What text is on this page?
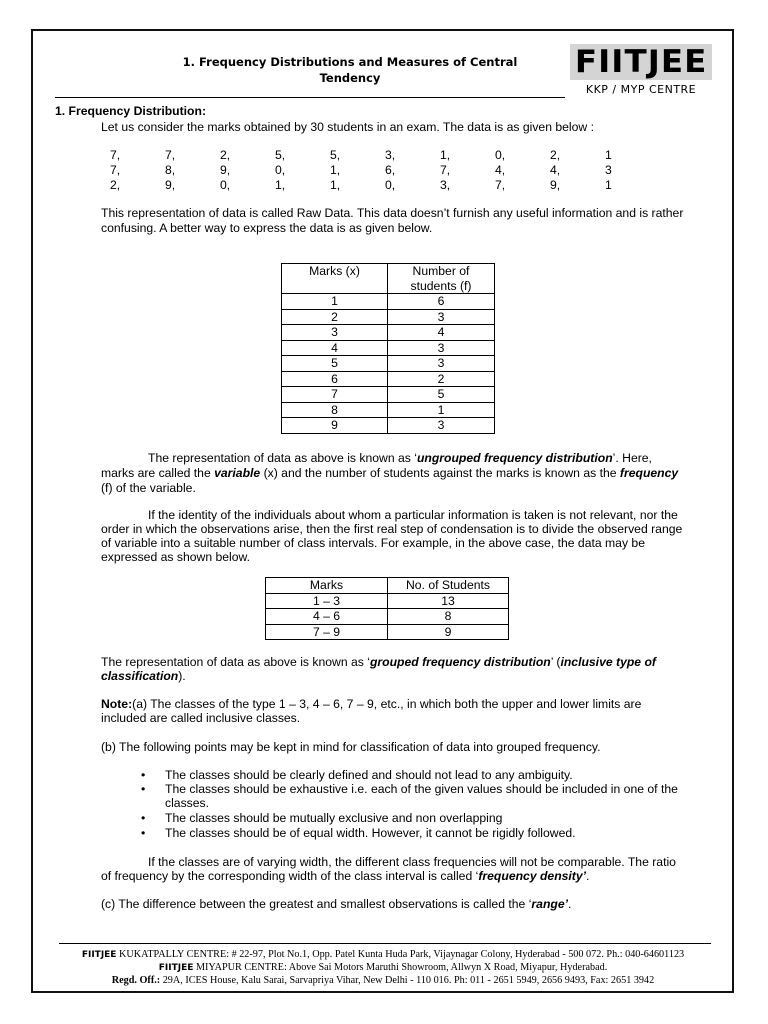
1. Frequency Distributions and Measures of Central
Tendency	FIITJEE
KKP / MYP CENTRE
1. Frequency Distribution:
Let us consider the marks obtained by 30 students in an exam. The data is as given below :
7,	7,	2,	5,	5,	3,	1,	0,	2,	1
7,	8,	9,	0,	1,	6,	7,	4,	4,	3
2,	9,	0,	1,	1,	0,	3,	7,	9,	1
This representation of data is called Raw Data. This data doesn’t furnish any useful information and is rather
confusing. A better way to express the data is as given below.
Marks (x)	Number of students (f)
1	6
2	3
3	4
4	3
5	3
6	2
7	5
8	1
9	3
The representation of data as above is known as ‘ungrouped frequency distribution’. Here,
marks are called the variable (x) and the number of students against the marks is known as the frequency
(f) of the variable.
If the identity of the individuals about whom a particular information is taken is not relevant, nor the
order in which the observations arise, then the first real step of condensation is to divide the observed range
of variable into a suitable number of class intervals. For example, in the above case, the data may be
expressed as shown below.
Marks	No. of Students
1 – 3	13
4 – 6	8
7 – 9	9
The representation of data as above is known as ‘grouped frequency distribution’ (inclusive type of
classification).
Note:(a) The classes of the type 1 – 3, 4 – 6, 7 – 9, etc., in which both the upper and lower limits are
included are called inclusive classes.
(b) The following points may be kept in mind for classification of data into grouped frequency.
• The classes should be clearly defined and should not lead to any ambiguity.
• The classes should be exhaustive i.e. each of the given values should be included in one of the classes.
• The classes should be mutually exclusive and non overlapping
• The classes should be of equal width. However, it cannot be rigidly followed.
If the classes are of varying width, the different class frequencies will not be comparable. The ratio
of frequency by the corresponding width of the class interval is called ‘frequency density’.
(c) The difference between the greatest and smallest observations is called the ‘range’.
FIITJEE KUKATPALLY CENTRE: # 22-97, Plot No.1, Opp. Patel Kunta Huda Park, Vijaynagar Colony, Hyderabad - 500 072. Ph.: 040-64601123
FIITJEE MIYAPUR CENTRE: Above Sai Motors Maruthi Showroom, Allwyn X Road, Miyapur, Hyderabad.
Regd. Off.: 29A, ICES House, Kalu Sarai, Sarvapriya Vihar, New Delhi - 110 016. Ph: 011 - 2651 5949, 2656 9493, Fax: 2651 3942
